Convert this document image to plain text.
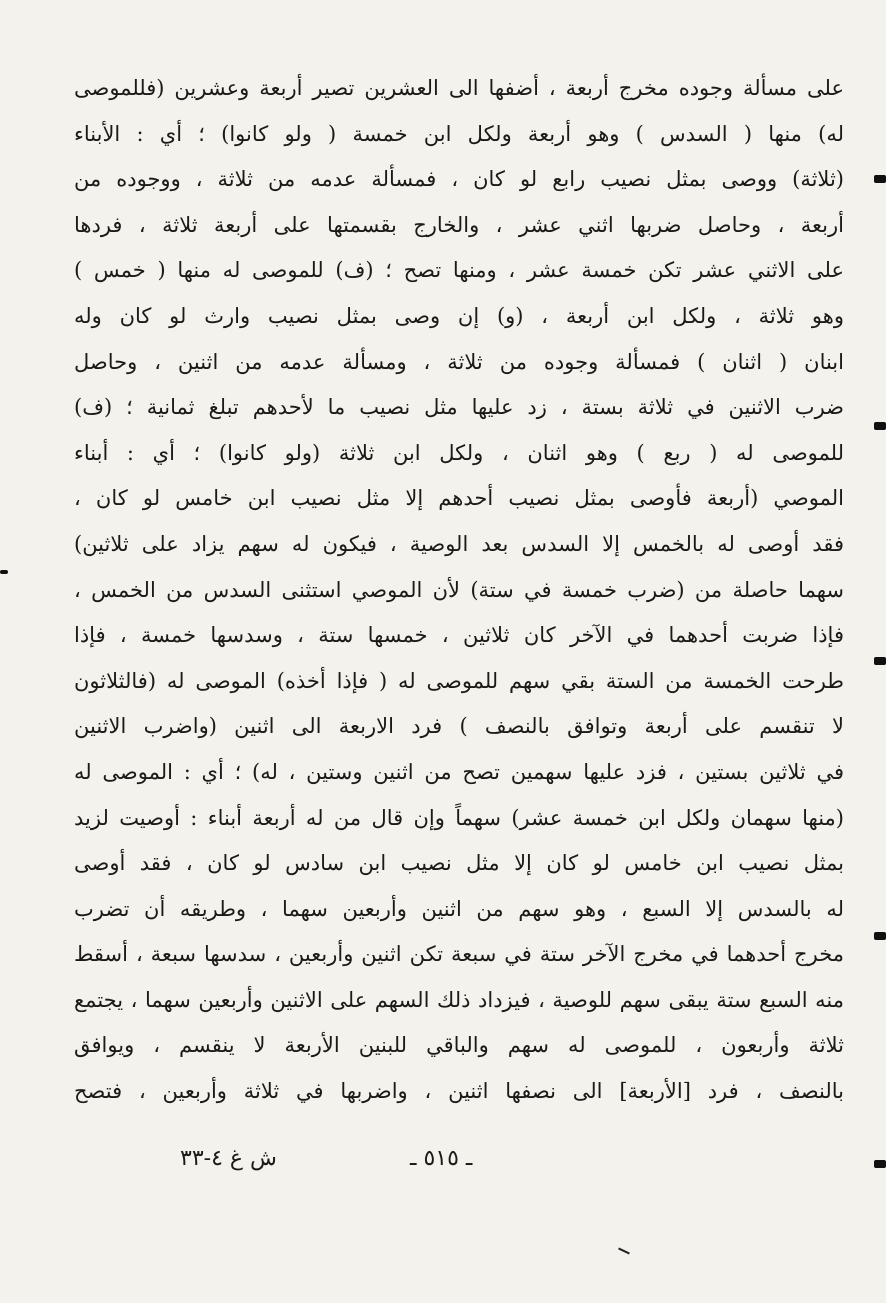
على مسألة وجوده مخرج أربعة ، أضفها الى العشرين تصير أربعة وعشرين (فللموصى
له) منها ( السدس ) وهو أربعة ولكل ابن خمسة ( ولو كانوا) ؛ أي : الأبناء
(ثلاثة) ووصى بمثل نصيب رابع لو كان ، فمسألة عدمه من ثلاثة ، ووجوده من
أربعة ، وحاصل ضربها اثني عشر ، والخارج بقسمتها على أربعة ثلاثة ، فردها
على الاثني عشر تكن خمسة عشر ، ومنها تصح ؛ (ف) للموصى له منها ( خمس )
وهو ثلاثة ، ولكل ابن أربعة ، (و) إن وصى بمثل نصيب وارث لو كان وله
ابنان ( اثنان ) فمسألة وجوده من ثلاثة ، ومسألة عدمه من اثنين ، وحاصل
ضرب الاثنين في ثلاثة بستة ، زد عليها مثل نصيب ما لأحدهم تبلغ ثمانية ؛ (ف)
للموصى له ( ربع ) وهو اثنان ، ولكل ابن ثلاثة (ولو كانوا) ؛ أي : أبناء
الموصي (أربعة فأوصى بمثل نصيب أحدهم إلا مثل نصيب ابن خامس لو كان ،
فقد أوصى له بالخمس إلا السدس بعد الوصية ، فيكون له سهم يزاد على ثلاثين)
سهما حاصلة من (ضرب خمسة في ستة) لأن الموصي استثنى السدس من الخمس ،
فإذا ضربت أحدهما في الآخر كان ثلاثين ، خمسها ستة ، وسدسها خمسة ، فإذا
طرحت الخمسة من الستة بقي سهم للموصى له ( فإذا أخذه) الموصى له (فالثلاثون
لا تنقسم على أربعة وتوافق بالنصف ) فرد الاربعة الى اثنين (واضرب الاثنين
في ثلاثين بستين ، فزد عليها سهمين تصح من اثنين وستين ، له) ؛ أي : الموصى له
(منها سهمان ولكل ابن خمسة عشر) سهماً وإن قال من له أربعة أبناء : أوصيت لزيد
بمثل نصيب ابن خامس لو كان إلا مثل نصيب ابن سادس لو كان ، فقد أوصى
له بالسدس إلا السبع ، وهو سهم من اثنين وأربعين سهما ، وطريقه أن تضرب
مخرج أحدهما في مخرج الآخر ستة في سبعة تكن اثنين وأربعين ، سدسها سبعة ، أسقط
منه السبع ستة يبقى سهم للوصية ، فيزداد ذلك السهم على الاثنين وأربعين سهما ، يجتمع
ثلاثة وأربعون ، للموصى له سهم والباقي للبنين الأربعة لا ينقسم ، ويوافق
بالنصف ، فرد [الأربعة] الى نصفها اثنين ، واضربها في ثلاثة وأربعين ، فتصح
ش غ ٤-٣٣	ـ ٥١٥ ـ
